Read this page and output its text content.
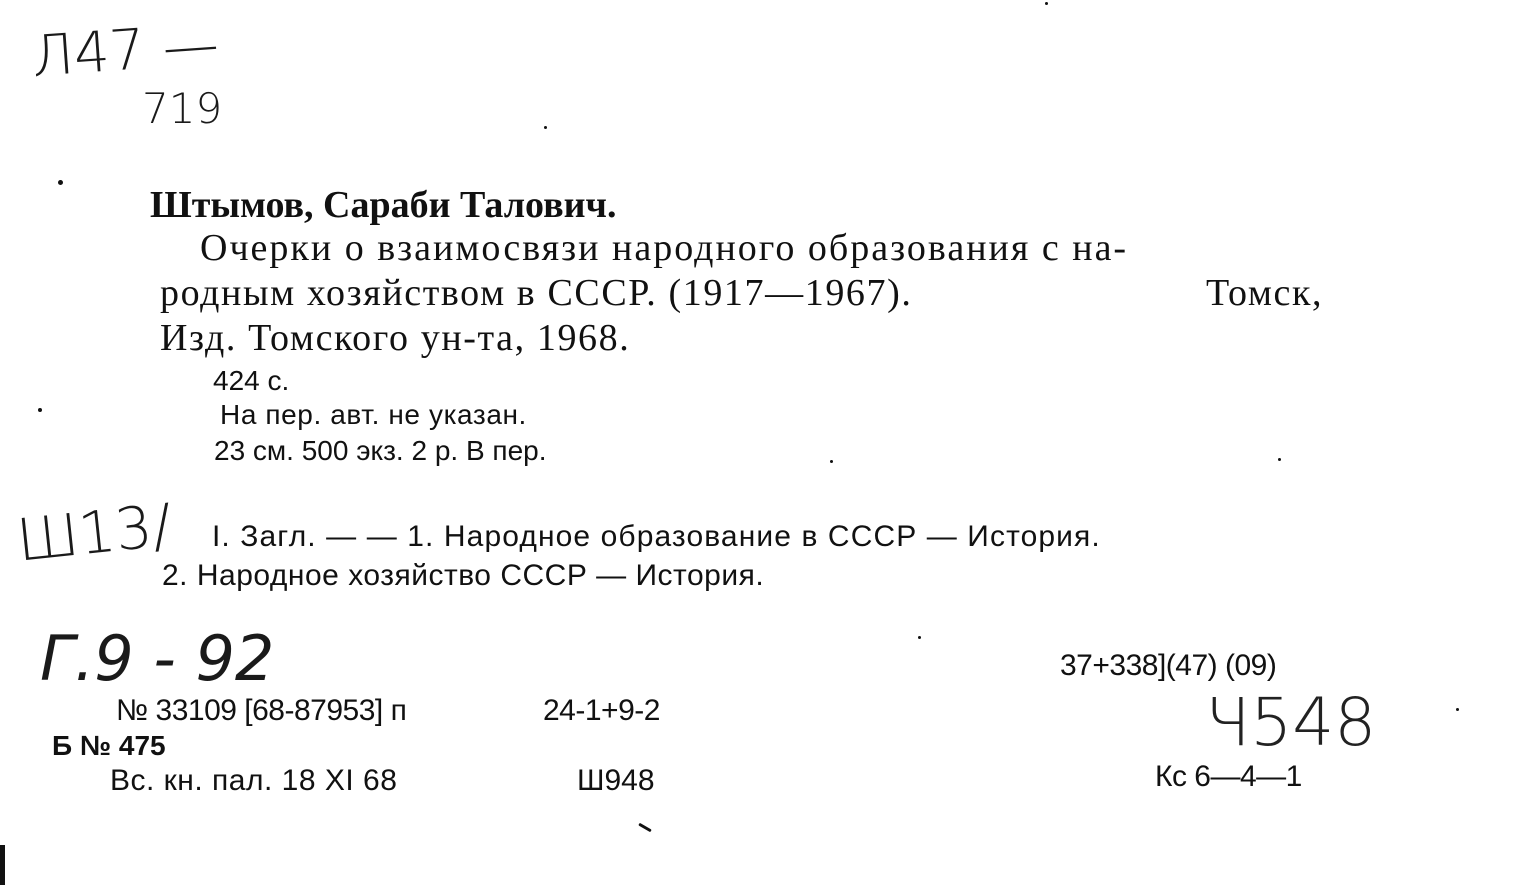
Л47 —
719
Ш13/
Г.9 - 92
Ч548
Штымов, Сараби Талович.
Очерки о взаимосвязи народного образования с на-
родным хозяйством в СССР. (1917—1967).	Томск,
Изд. Томского ун-та, 1968.
424 с.
На пер. авт. не указан.
23 см. 500 экз. 2 р. В пер.
I. Загл. — — 1. Народное образование в СССР — История.
2. Народное хозяйство СССР — История.
37+338](47) (09)
№ 33109 [68-87953] п	24-1+9-2
Б № 475
Вс. кн. пал. 18 XI 68	Ш948	Кс 6—4—1
